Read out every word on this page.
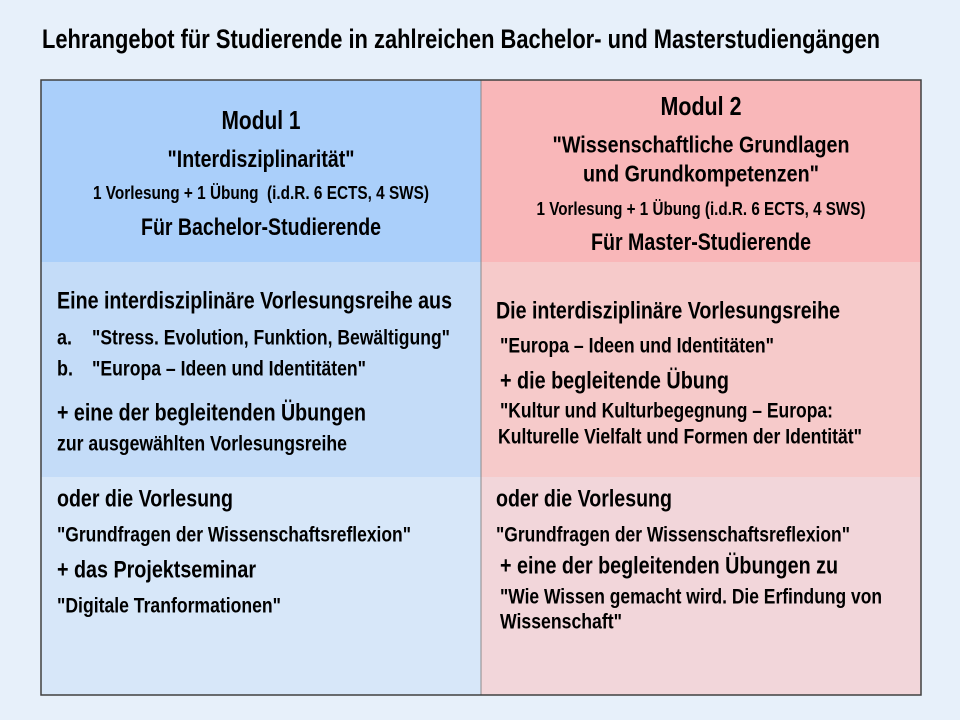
Lehrangebot für Studierende in zahlreichen Bachelor- und Masterstudiengängen
Modul 1
"Interdisziplinarität"
1 Vorlesung + 1 Übung  (i.d.R. 6 ECTS, 4 SWS)
Für Bachelor-Studierende
Modul 2
"Wissenschaftliche Grundlagen
und Grundkompetenzen"
1 Vorlesung + 1 Übung (i.d.R. 6 ECTS, 4 SWS)
Für Master-Studierende
Eine interdisziplinäre Vorlesungsreihe aus
a. "Stress. Evolution, Funktion, Bewältigung"
b. "Europa – Ideen und Identitäten"
+ eine der begleitenden Übungen
zur ausgewählten Vorlesungsreihe
Die interdisziplinäre Vorlesungsreihe
"Europa – Ideen und Identitäten"
+ die begleitende Übung
"Kultur und Kulturbegegnung – Europa:
Kulturelle Vielfalt und Formen der Identität"
oder die Vorlesung
"Grundfragen der Wissenschaftsreflexion"
+ das Projektseminar
"Digitale Tranformationen"
oder die Vorlesung
"Grundfragen der Wissenschaftsreflexion"
+ eine der begleitenden Übungen zu
"Wie Wissen gemacht wird. Die Erfindung von
Wissenschaft"
